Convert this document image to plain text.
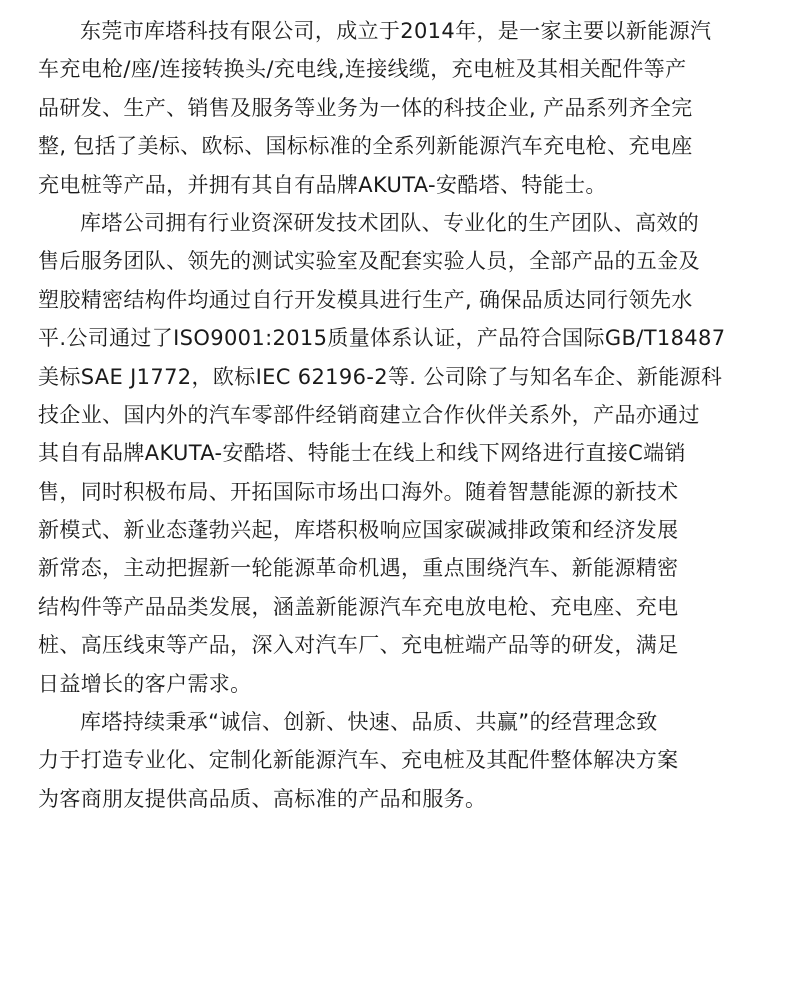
东莞市库塔科技有限公司，成立于2014年，是一家主要以新能源汽
车充电枪/座/连接转换头/充电线,连接线缆，充电桩及其相关配件等产
品研发、生产、销售及服务等业务为一体的科技企业, 产品系列齐全完
整, 包括了美标、欧标、国标标准的全系列新能源汽车充电枪、充电座
充电桩等产品，并拥有其自有品牌AKUTA-安酷塔、特能士。
库塔公司拥有行业资深研发技术团队、专业化的生产团队、高效的
售后服务团队、领先的测试实验室及配套实验人员，全部产品的五金及
塑胶精密结构件均通过自行开发模具进行生产, 确保品质达同行领先水
平.公司通过了ISO9001:2015质量体系认证，产品符合国际GB/T18487
美标SAE J1772，欧标IEC 62196-2等. 公司除了与知名车企、新能源科
技企业、国内外的汽车零部件经销商建立合作伙伴关系外，产品亦通过
其自有品牌AKUTA-安酷塔、特能士在线上和线下网络进行直接C端销
售，同时积极布局、开拓国际市场出口海外。随着智慧能源的新技术
新模式、新业态蓬勃兴起，库塔积极响应国家碳减排政策和经济发展
新常态，主动把握新一轮能源革命机遇，重点围绕汽车、新能源精密
结构件等产品品类发展，涵盖新能源汽车充电放电枪、充电座、充电
桩、高压线束等产品，深入对汽车厂、充电桩端产品等的研发，满足
日益增长的客户需求。
库塔持续秉承“诚信、创新、快速、品质、共赢”的经营理念致
力于打造专业化、定制化新能源汽车、充电桩及其配件整体解决方案
为客商朋友提供高品质、高标准的产品和服务。
